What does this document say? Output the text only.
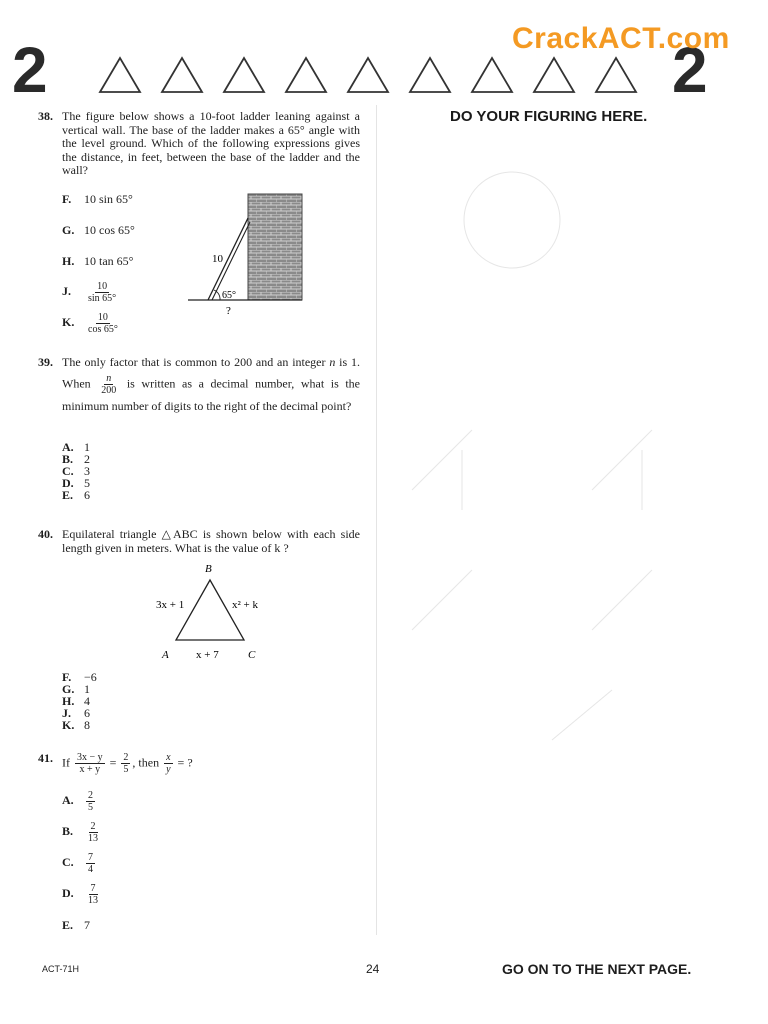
2	2
CrackACT.com
DO YOUR FIGURING HERE.
38. The figure below shows a 10-foot ladder leaning against a vertical wall. The base of the ladder makes a 65° angle with the level ground. Which of the following expressions gives the distance, in feet, between the base of the ladder and the wall?
F. 10 sin 65°
G. 10 cos 65°
H. 10 tan 65°
J. $\frac{10}{\sin 65^\circ}$
K. $\frac{10}{\cos 65^\circ}$
10
65°
?
39. The only factor that is common to 200 and an integer n is 1. When $\frac{n}{200}$ is written as a decimal number, what is the minimum number of digits to the right of the decimal point?
A. 1
B. 2
C. 3
D. 5
E. 6
40. Equilateral triangle △ABC is shown below with each side length given in meters. What is the value of k ?
B
A	C
3x + 1	x² + k
x + 7
F. −6
G. 1
H. 4
J. 6
K. 8
41. If $\frac{3x - y}{x + y} = \frac{2}{5}$ , then $\frac{x}{y}$ = ?
A. $\frac{2}{5}$
B. $\frac{2}{13}$
C. $\frac{7}{4}$
D. $\frac{7}{13}$
E. 7
ACT-71H	24	GO ON TO THE NEXT PAGE.
